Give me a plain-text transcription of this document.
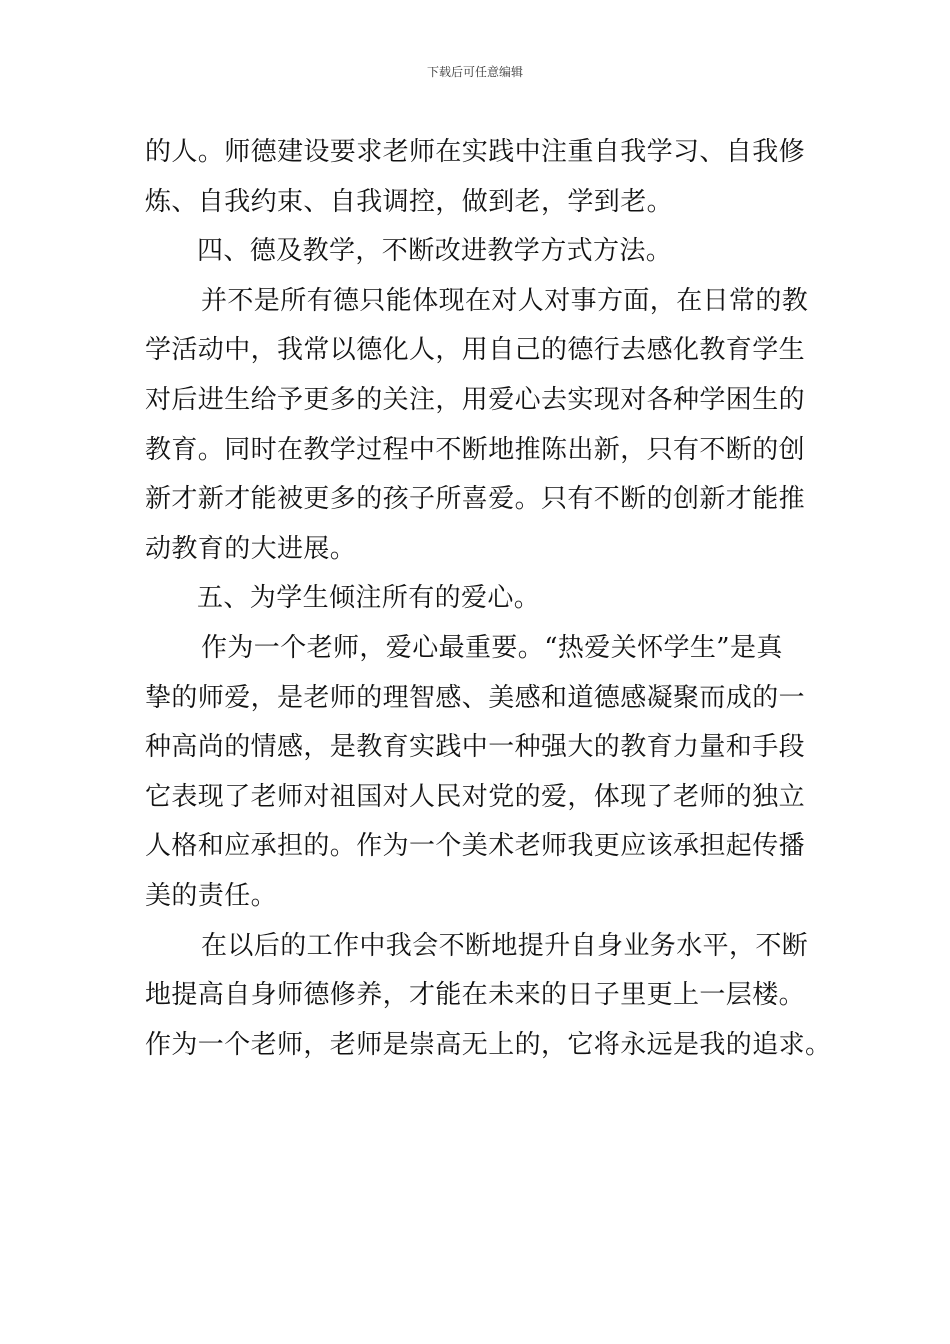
下载后可任意编辑
的人。师德建设要求老师在实践中注重自我学习、自我修
炼、自我约束、自我调控，做到老，学到老。
四、德及教学，不断改进教学方式方法。
并不是所有德只能体现在对人对事方面，在日常的教
学活动中，我常以德化人，用自己的德行去感化教育学生
对后进生给予更多的关注，用爱心去实现对各种学困生的
教育。同时在教学过程中不断地推陈出新，只有不断的创
新才新才能被更多的孩子所喜爱。只有不断的创新才能推
动教育的大进展。
五、为学生倾注所有的爱心。
作为一个老师，爱心最重要。“热爱关怀学生”是真
挚的师爱，是老师的理智感、美感和道德感凝聚而成的一
种高尚的情感，是教育实践中一种强大的教育力量和手段
它表现了老师对祖国对人民对党的爱，体现了老师的独立
人格和应承担的。作为一个美术老师我更应该承担起传播
美的责任。
在以后的工作中我会不断地提升自身业务水平，不断
地提高自身师德修养，才能在未来的日子里更上一层楼。
作为一个老师，老师是崇高无上的，它将永远是我的追求。
